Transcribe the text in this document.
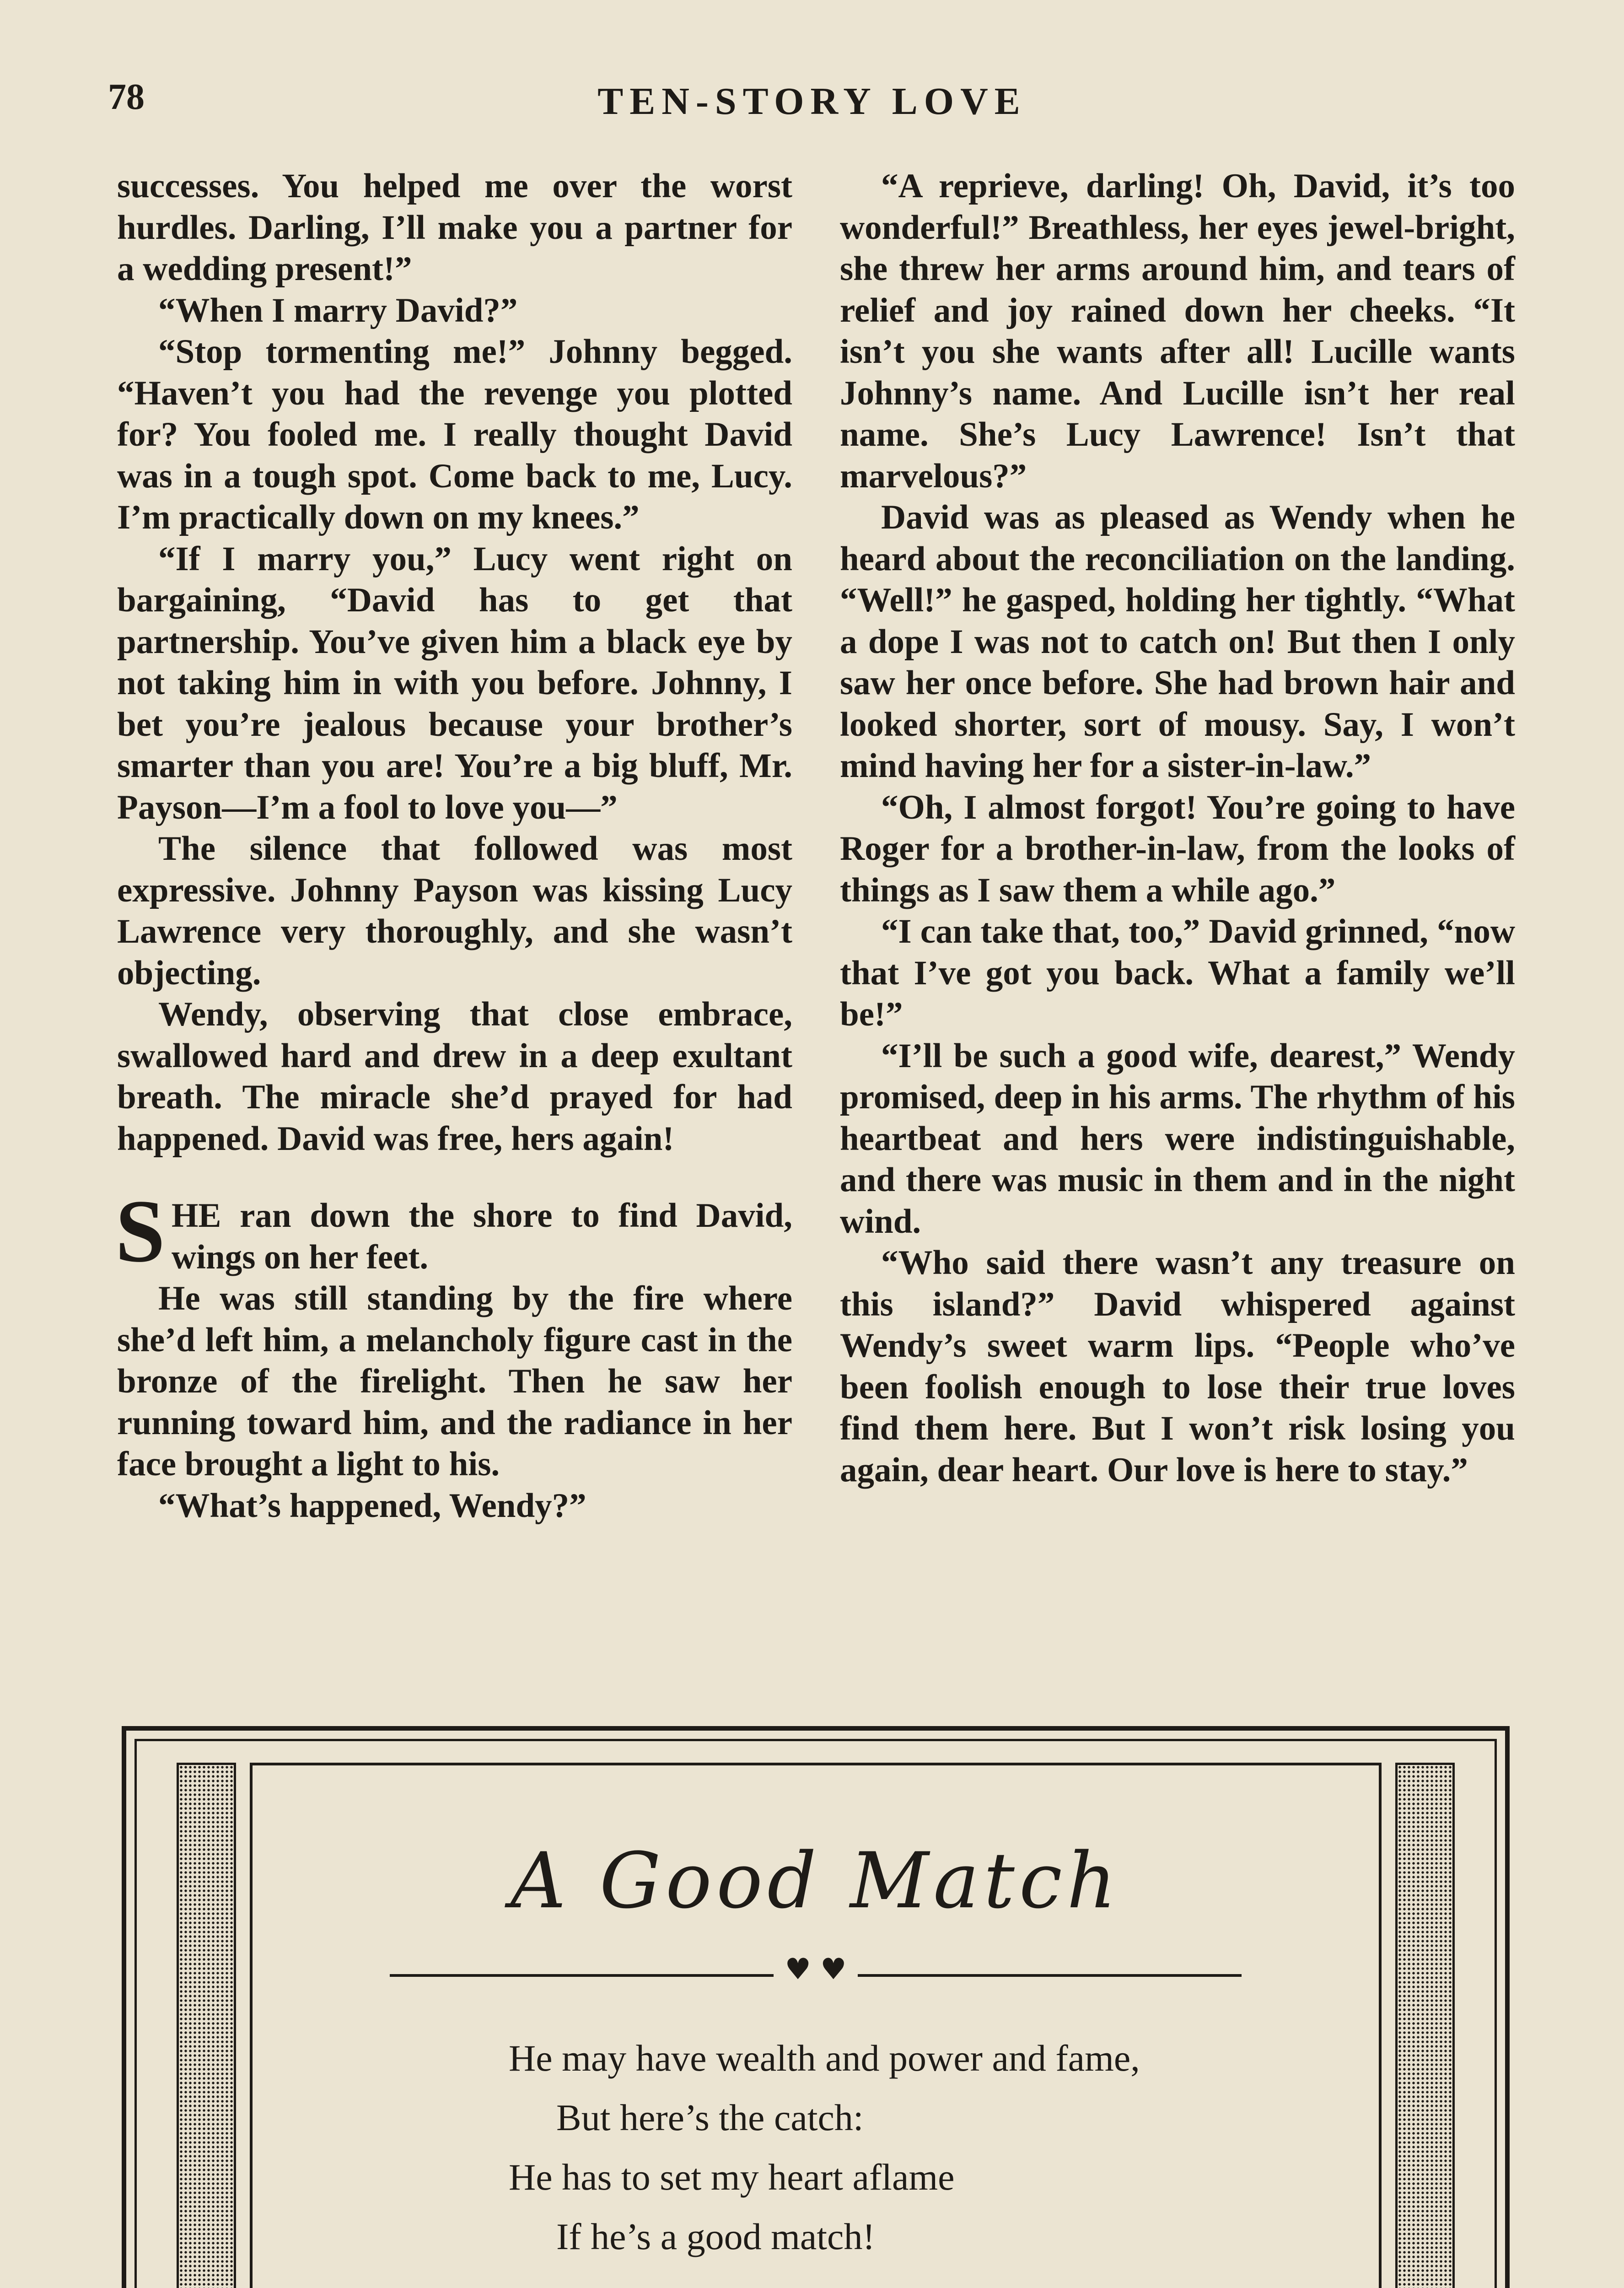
78	TEN-STORY LOVE

successes. You helped me over the worst hurdles. Darling, I’ll make you a partner for a wedding present!”

“When I marry David?”

“Stop tormenting me!” Johnny begged. “Haven’t you had the revenge you plotted for? You fooled me. I really thought David was in a tough spot. Come back to me, Lucy. I’m practically down on my knees.”

“If I marry you,” Lucy went right on bargaining, “David has to get that partnership. You’ve given him a black eye by not taking him in with you before. Johnny, I bet you’re jealous because your brother’s smarter than you are! You’re a big bluff, Mr. Payson—I’m a fool to love you—”

The silence that followed was most expressive. Johnny Payson was kissing Lucy Lawrence very thoroughly, and she wasn’t objecting.

Wendy, observing that close embrace, swallowed hard and drew in a deep exultant breath. The miracle she’d prayed for had happened. David was free, hers again!

SHE ran down the shore to find David, wings on her feet.

He was still standing by the fire where she’d left him, a melancholy figure cast in the bronze of the firelight. Then he saw her running toward him, and the radiance in her face brought a light to his.

“What’s happened, Wendy?”

“A reprieve, darling! Oh, David, it’s too wonderful!” Breathless, her eyes jewel-bright, she threw her arms around him, and tears of relief and joy rained down her cheeks. “It isn’t you she wants after all! Lucille wants Johnny’s name. And Lucille isn’t her real name. She’s Lucy Lawrence! Isn’t that marvelous?”

David was as pleased as Wendy when he heard about the reconciliation on the landing. “Well!” he gasped, holding her tightly. “What a dope I was not to catch on! But then I only saw her once before. She had brown hair and looked shorter, sort of mousy. Say, I won’t mind having her for a sister-in-law.”

“Oh, I almost forgot! You’re going to have Roger for a brother-in-law, from the looks of things as I saw them a while ago.”

“I can take that, too,” David grinned, “now that I’ve got you back. What a family we’ll be!”

“I’ll be such a good wife, dearest,” Wendy promised, deep in his arms. The rhythm of his heartbeat and hers were indistinguishable, and there was music in them and in the night wind.

“Who said there wasn’t any treasure on this island?” David whispered against Wendy’s sweet warm lips. “People who’ve been foolish enough to lose their true loves find them here. But I won’t risk losing you again, dear heart. Our love is here to stay.”

A Good Match
♥ ♥
He may have wealth and power and fame,
But here’s the catch:
He has to set my heart aflame
If he’s a good match!
